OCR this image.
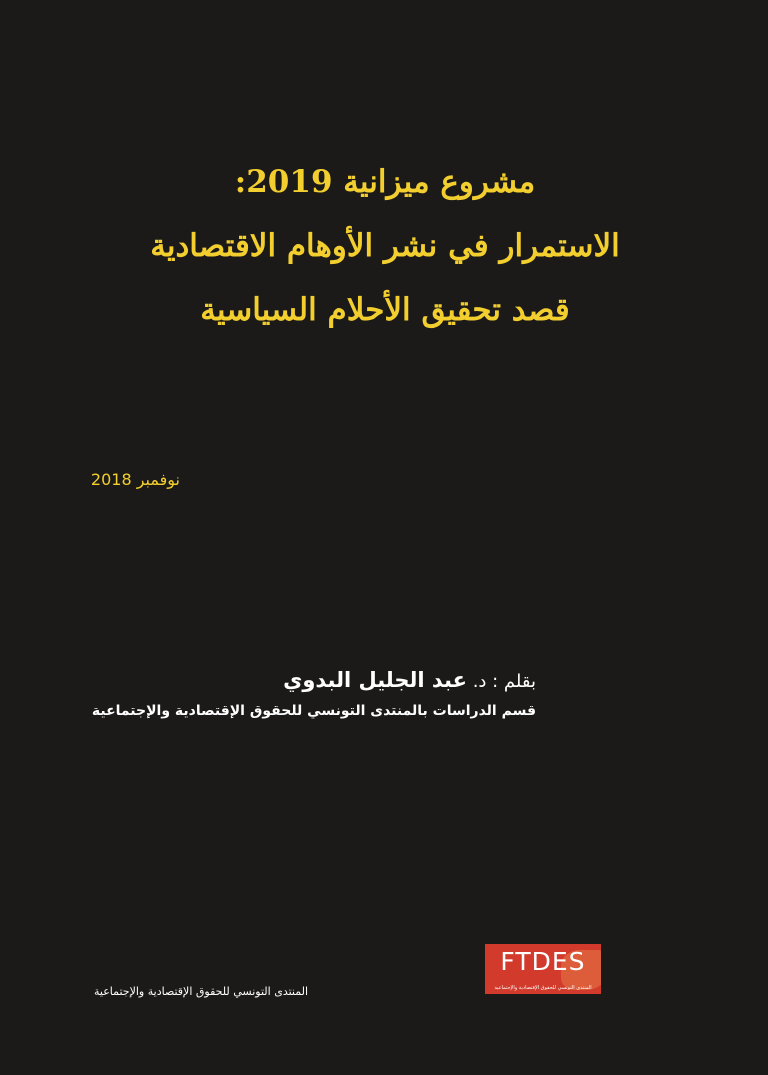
مشروع ميزانية 2019:
الاستمرار في نشر الأوهام الاقتصادية
قصد تحقيق الأحلام السياسية
نوفمبر 2018
بقلم : د. عبد الجليل البدوي
قسم الدراسات بالمنتدى التونسي للحقوق الإقتصادية والإجتماعية
FTDES
المنتدى التونسي للحقوق الإقتصادية والإجتماعية
المنتدى التونسي للحقوق الإقتصادية والإجتماعية
